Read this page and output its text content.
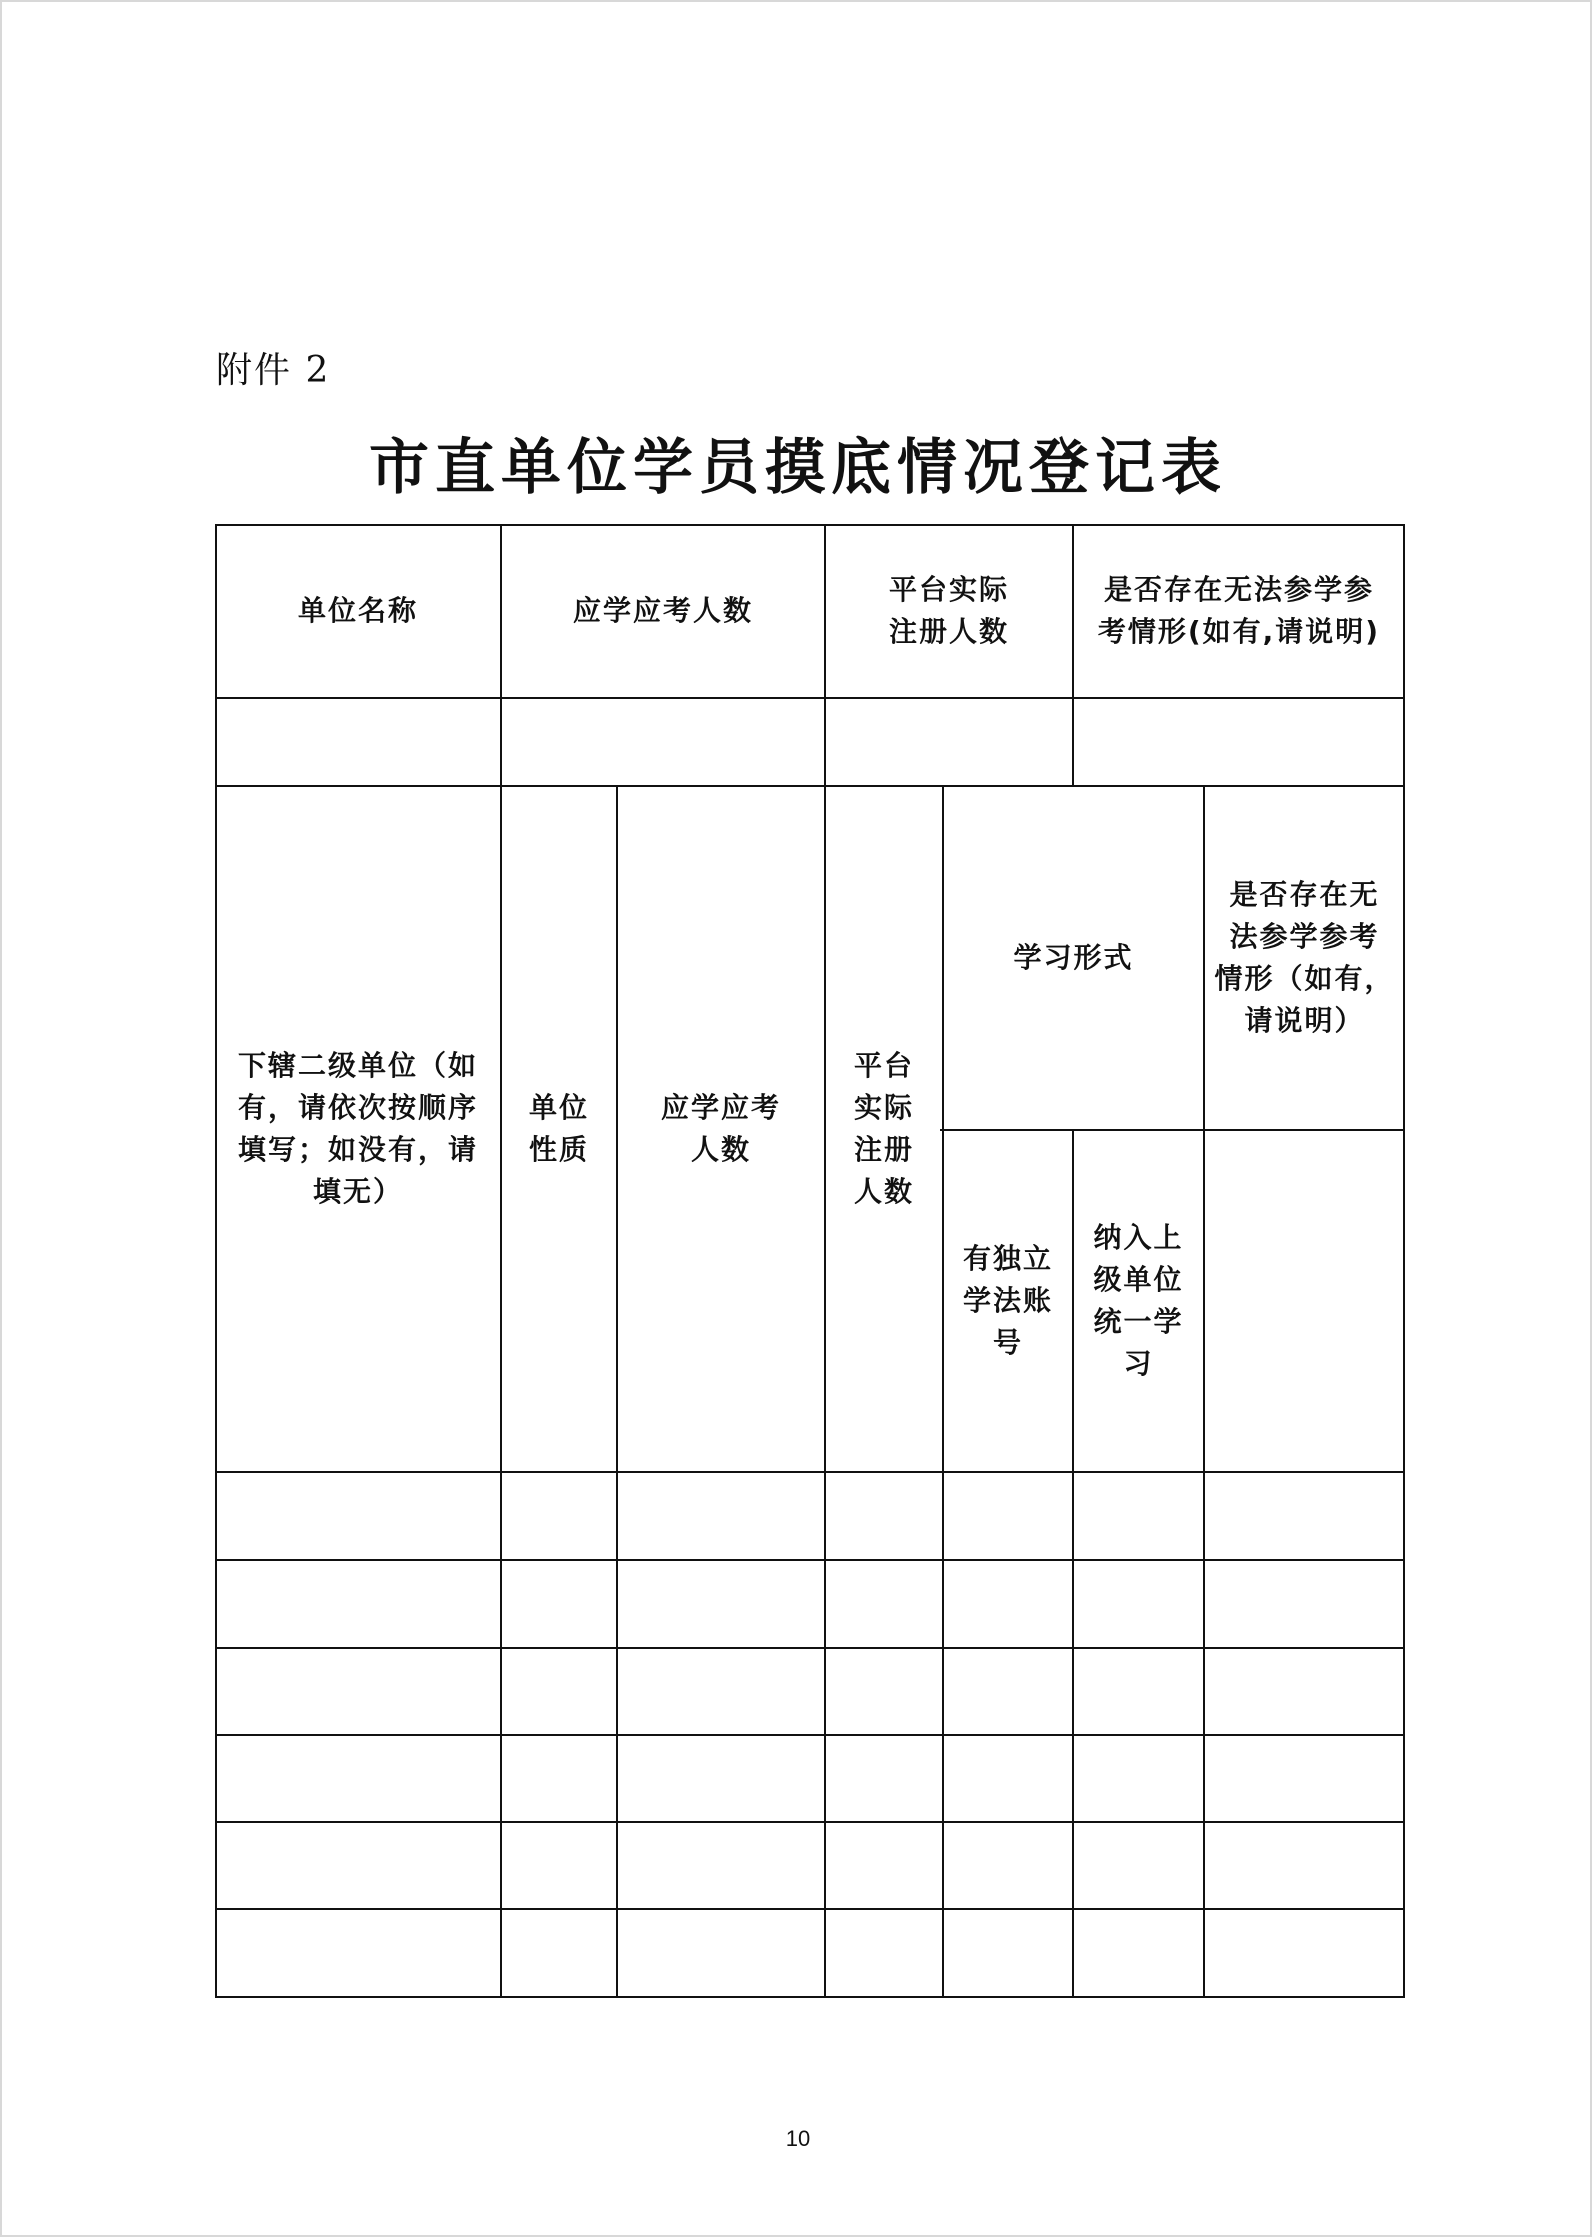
附件 2
市直单位学员摸底情况登记表
单位名称	应学应考人数
平台实际
注册人数
是否存在无法参学参
考情形(如有,请说明)
下辖二级单位（如
有，请依次按顺序
填写；如没有，请
填无）
单位
性质
应学应考
人数
平台
实际
注册
人数
学习形式
是否存在无
法参学参考
情形（如有，
请说明）
有独立
学法账
号
纳入上
级单位
统一学
习
10
